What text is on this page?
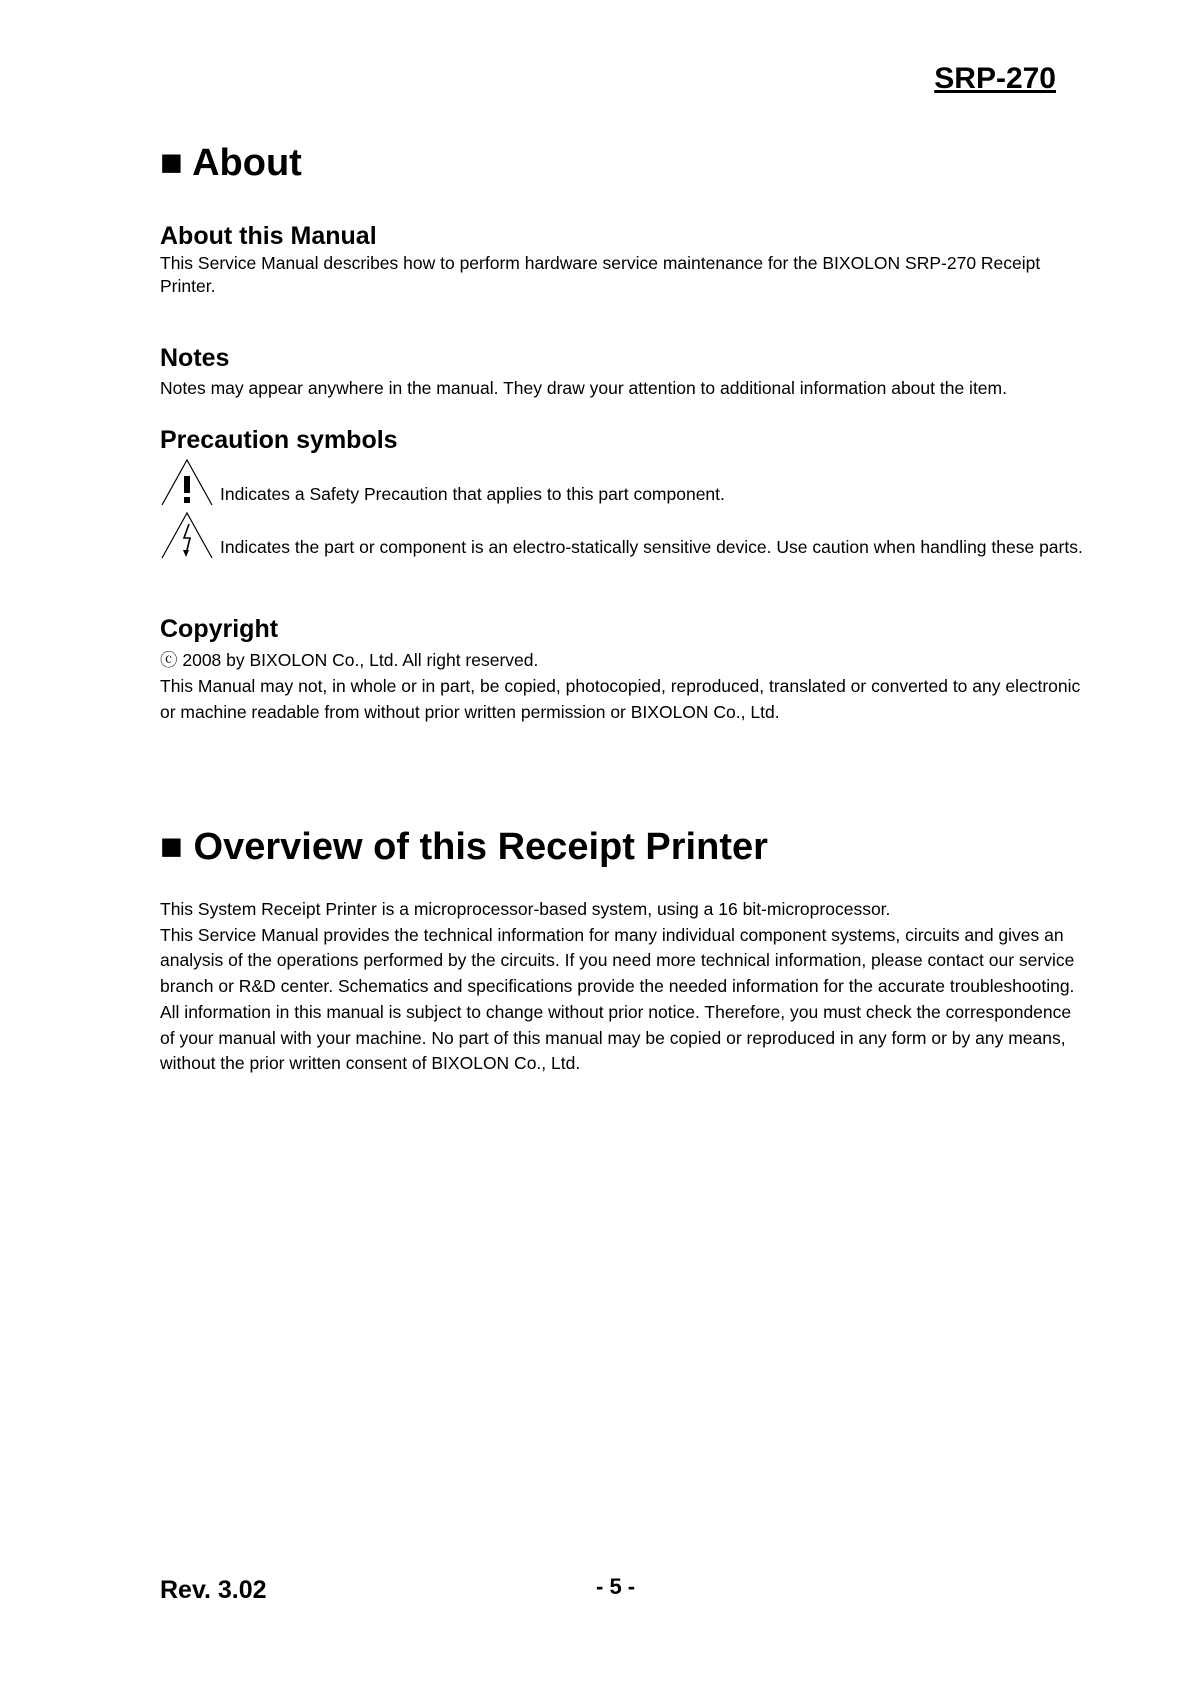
SRP-270
■ About
About this Manual

This Service Manual describes how to perform hardware service maintenance for the BIXOLON SRP-270 Receipt Printer.

Notes

Notes may appear anywhere in the manual. They draw your attention to additional information about the item.

Precaution symbols
Indicates a Safety Precaution that applies to this part component.
Indicates the part or component is an electro-statically sensitive device. Use caution when handling these parts.
Copyright

ⓒ 2008 by BIXOLON Co., Ltd. All right reserved.

This Manual may not, in whole or in part, be copied, photocopied, reproduced, translated or converted to any electronic or machine readable from without prior written permission or BIXOLON Co., Ltd.

■ Overview of this Receipt Printer

This System Receipt Printer is a microprocessor-based system, using a 16 bit-microprocessor.

This Service Manual provides the technical information for many individual component systems, circuits and gives an analysis of the operations performed by the circuits. If you need more technical information, please contact our service branch or R&D center. Schematics and specifications provide the needed information for the accurate troubleshooting.

All information in this manual is subject to change without prior notice. Therefore, you must check the correspondence of your manual with your machine. No part of this manual may be copied or reproduced in any form or by any means, without the prior written consent of BIXOLON Co., Ltd.

Rev. 3.02	- 5 -
